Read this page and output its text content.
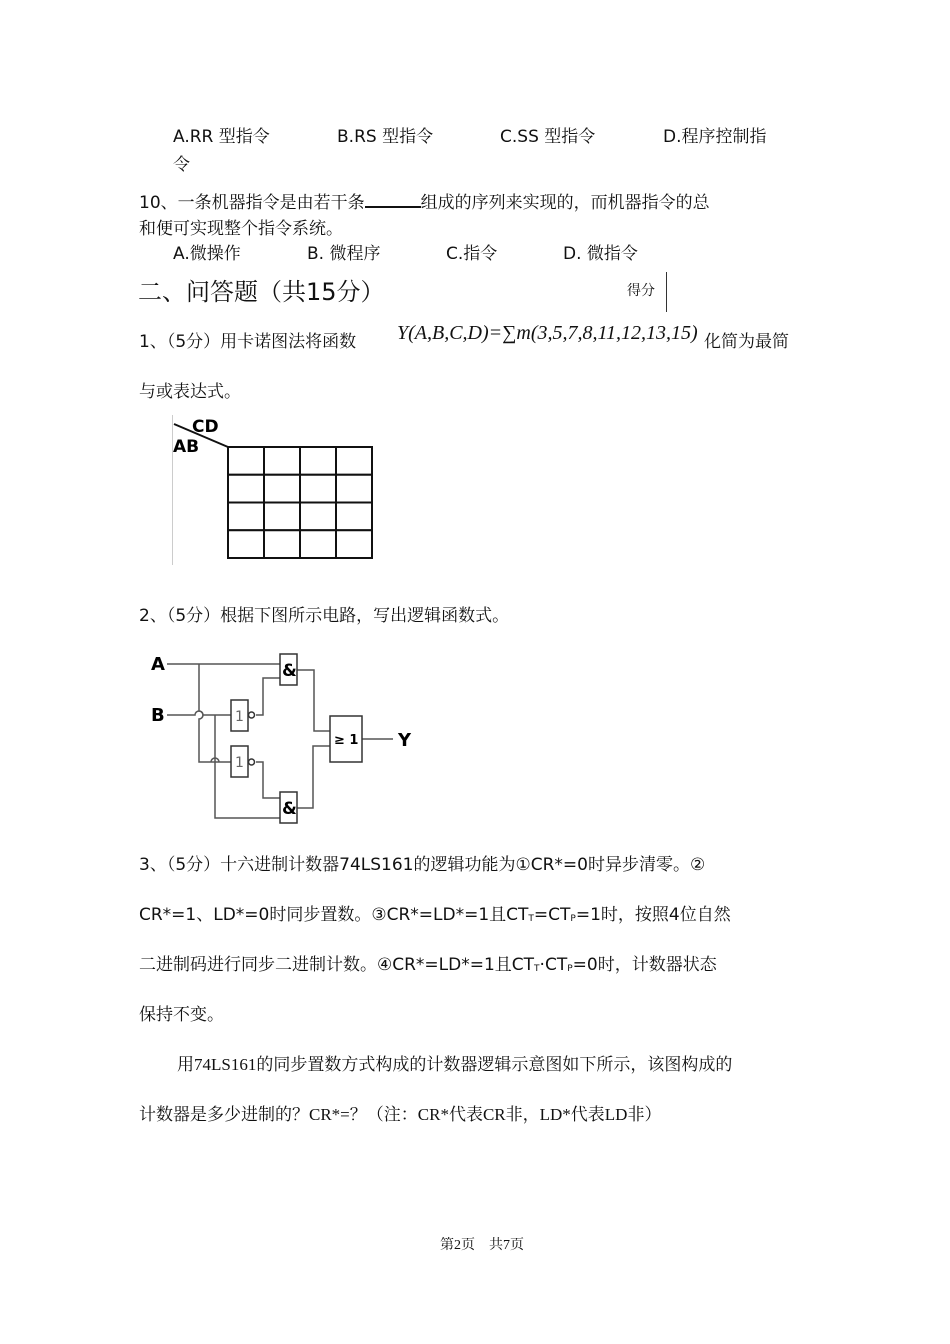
A.RR 型指令	B.RS 型指令	C.SS 型指令	D.程序控制指
令
10、一条机器指令是由若干条	组成的序列来实现的，而机器指令的总
和便可实现整个指令系统。
A.微操作	B. 微程序	C.指令	D. 微指令
二、问答题（共15分）	得分
1、（5分）用卡诺图法将函数 Y(A,B,C,D)=∑m(3,5,7,8,11,12,13,15) 化简为最简
与或表达式。
CD
AB
2、（5分）根据下图所示电路，写出逻辑函数式。
A
B
Y
&
&
1
1
≥ 1
3、（5分）十六进制计数器74LS161的逻辑功能为①CR*=0时异步清零。②
CR*=1、LD*=0时同步置数。③CR*=LD*=1且CTT=CTP=1时，按照4位自然
二进制码进行同步二进制计数。④CR*=LD*=1且CTT·CTP=0时，计数器状态
保持不变。
用74LS161的同步置数方式构成的计数器逻辑示意图如下所示，该图构成的
计数器是多少进制的？CR*=？（注：CR*代表CR非，LD*代表LD非）
第2页　共7页
